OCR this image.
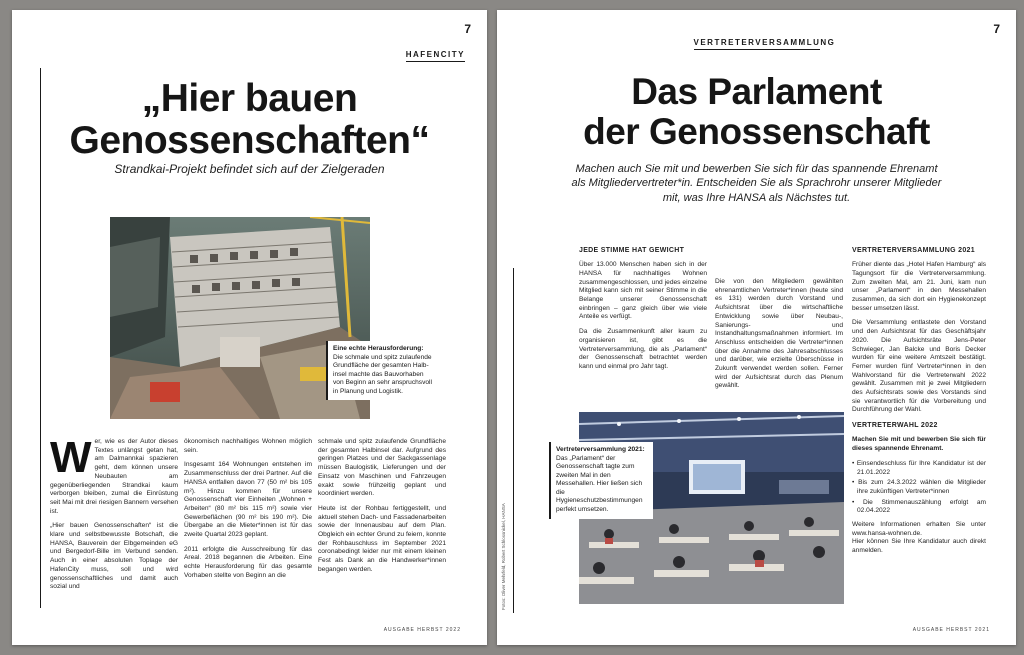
7
HAFENCITY
„Hier bauen
Genossenschaften“
Strandkai-Projekt befindet sich auf der Zielgeraden
Eine echte Herausforderung:
Die schmale und spitz zulaufende
Grundfläche der gesamten Halb-
insel machte das Bauvorhaben
von Beginn an sehr anspruchsvoll
in Planung und Logistik.

Wer, wie es der Autor dieses Textes unlängst getan hat, am Dalmannkai spazieren geht, dem können unsere Neubauten am gegenüberliegenden Strandkai kaum verborgen bleiben, zumal die Einrüstung seit Mai mit drei riesigen Bannern versehen ist.

„Hier bauen Genossenschaften“ ist die klare und selbstbewusste Botschaft, die HANSA, Bauverein der Elbgemeinden eG und Bergedorf-Bille im Verbund senden. Auch in einer absoluten Toplage der HafenCity muss, soll und wird genossenschaftliches und damit auch sozial und

ökonomisch nachhaltiges Wohnen möglich sein.

Insgesamt 164 Wohnungen entstehen im Zusammenschluss der drei Partner. Auf die HANSA entfallen davon 77 (50 m² bis 105 m²). Hinzu kommen für unsere Genossenschaft vier Einheiten „Wohnen + Arbeiten“ (80 m² bis 115 m²) sowie vier Gewerbeflächen (90 m² bis 190 m²). Die Übergabe an die Mieter*innen ist für das zweite Quartal 2023 geplant.

2011 erfolgte die Ausschreibung für das Areal. 2018 begannen die Arbeiten. Eine echte Herausforderung für das gesamte Vorhaben stellte von Beginn an die

schmale und spitz zulaufende Grundfläche der gesamten Halbinsel dar. Aufgrund des geringen Platzes und der Sackgassenlage müssen Baulogistik, Lieferungen und der Einsatz von Maschinen und Fahrzeugen exakt sowie frühzeitig geplant und koordiniert werden.

Heute ist der Rohbau fertiggestellt, und aktuell stehen Dach- und Fassadenarbeiten sowie der Innenausbau auf dem Plan. Obgleich ein echter Grund zu feiern, konnte der Rohbauschluss im September 2021 coronabedingt leider nur mit einem kleinen Fest als Dank an die Handwerker*innen begangen werden.

AUSGABE HERBST 2022
7
VERTRETERVERSAMMLUNG
Das Parlament
der Genossenschaft
Machen auch Sie mit und bewerben Sie sich für das spannende Ehrenamt als Mitgliedervertreter*in. Entscheiden Sie als Sprachrohr unserer Mitglieder mit, was Ihre HANSA als Nächstes tut.
JEDE STIMME HAT GEWICHT

Über 13.000 Menschen haben sich in der HANSA für nachhaltiges Wohnen zusammengeschlossen, und jedes einzelne Mitglied kann sich mit seiner Stimme in die Belange unserer Genossenschaft einbringen – ganz gleich über wie viele Anteile es verfügt.

Da die Zusammenkunft aller kaum zu organisieren ist, gibt es die Vertreterversammlung, die als „Parlament“ der Genossenschaft betrachtet werden kann und einmal pro Jahr tagt.

Die von den Mitgliedern gewählten ehrenamtlichen Vertreter*innen (heute sind es 131) werden durch Vorstand und Aufsichtsrat über die wirtschaftliche Entwicklung sowie über Neubau-, Sanierungs- und Instandhaltungsmaßnahmen informiert. Im Anschluss entscheiden die Vertreter*innen über die Annahme des Jahresabschlusses und darüber, wie erzielte Überschüsse in Zukunft verwendet werden sollen. Ferner wird der Aufsichtsrat durch das Plenum gewählt.

VERTRETERVERSAMMLUNG 2021

Früher diente das „Hotel Hafen Hamburg“ als Tagungsort für die Vertreterversammlung. Zum zweiten Mal, am 21. Juni, kam nun unser „Parlament“ in den Messehallen zusammen, da sich dort ein Hygienekonzept besser umsetzen lässt.

Die Versammlung entlastete den Vorstand und den Aufsichtsrat für das Geschäftsjahr 2020. Die Aufsichtsräte Jens-Peter Schwieger, Jan Balcke und Boris Decker wurden für eine weitere Amtszeit bestätigt. Ferner wurden fünf Vertreter*innen in den Wahlvorstand für die Vertreterwahl 2022 gewählt. Zusammen mit je zwei Mitgliedern des Aufsichtsrats sowie des Vorstands sind sie verantwortlich für die Vorbereitung und Durchführung der Wahl.

VERTRETERWAHL 2022

Machen Sie mit und bewerben Sie sich für dieses spannende Ehrenamt.

• Einsendeschluss für Ihre Kandidatur ist der 21.01.2022
• Bis zum 24.3.2022 wählen die Mitglieder ihre zukünftigen Vertreter*innen
• Die Stimmenauszählung erfolgt am 02.04.2022

Weitere Informationen erhalten Sie unter www.hansa-wohnen.de.
Hier können Sie Ihre Kandidatur auch direkt anmelden.

Vertreterversammlung 2021:
Das „Parlament“ der Genossenschaft tagte zum zweiten Mal in den Messehallen. Hier ließen sich die Hygieneschutzbestimmungen perfekt umsetzen.
Fotos: Oliver Mehrfeld, Robert Schlossnickel, HANSA
AUSGABE HERBST 2021
